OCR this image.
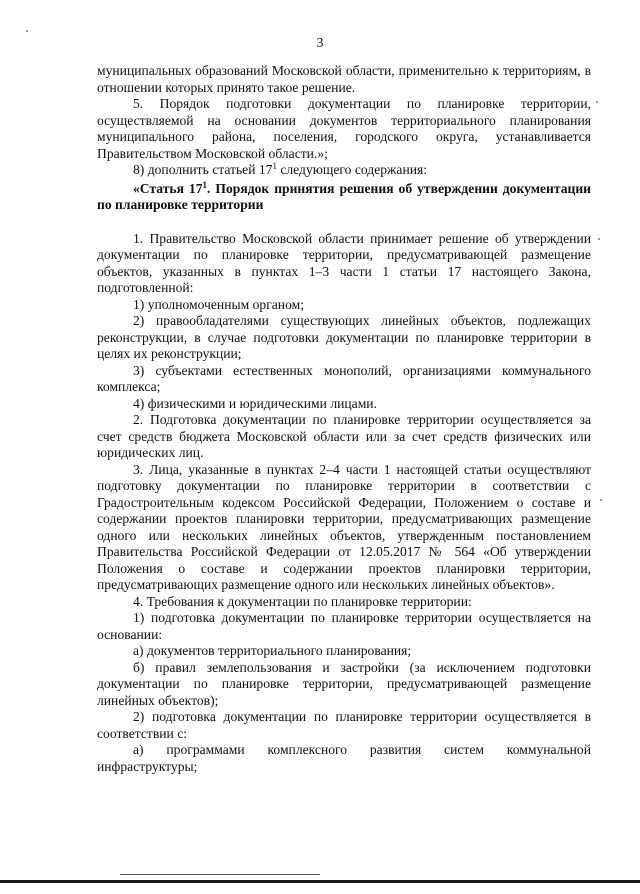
3

муниципальных образований Московской области, применительно к территориям, в отношении которых принято такое решение.

5. Порядок подготовки документации по планировке территории, осуществляемой на основании документов территориального планирования муниципального района, поселения, городского округа, устанавливается Правительством Московской области.»;

8) дополнить статьей $17^1$ следующего содержания:

«Статья $17^1$. Порядок принятия решения об утверждении документации по планировке территории

1. Правительство Московской области принимает решение об утверждении документации по планировке территории, предусматривающей размещение объектов, указанных в пунктах 1–3 части 1 статьи 17 настоящего Закона, подготовленной:

1) уполномоченным органом;

2) правообладателями существующих линейных объектов, подлежащих реконструкции, в случае подготовки документации по планировке территории в целях их реконструкции;

3) субъектами естественных монополий, организациями коммунального комплекса;

4) физическими и юридическими лицами.

2. Подготовка документации по планировке территории осуществляется за счет средств бюджета Московской области или за счет средств физических или юридических лиц.

3. Лица, указанные в пунктах 2–4 части 1 настоящей статьи осуществляют подготовку документации по планировке территории в соответствии с Градостроительным кодексом Российской Федерации, Положением о составе и содержании проектов планировки территории, предусматривающих размещение одного или нескольких линейных объектов, утвержденным постановлением Правительства Российской Федерации от 12.05.2017 № 564 «Об утверждении Положения о составе и содержании проектов планировки территории, предусматривающих размещение одного или нескольких линейных объектов».

4. Требования к документации по планировке территории:

1) подготовка документации по планировке территории осуществляется на основании:

а) документов территориального планирования;

б) правил землепользования и застройки (за исключением подготовки документации по планировке территории, предусматривающей размещение линейных объектов);

2) подготовка документации по планировке территории осуществляется в соответствии с:

а) программами комплексного развития систем коммунальной инфраструктуры;
